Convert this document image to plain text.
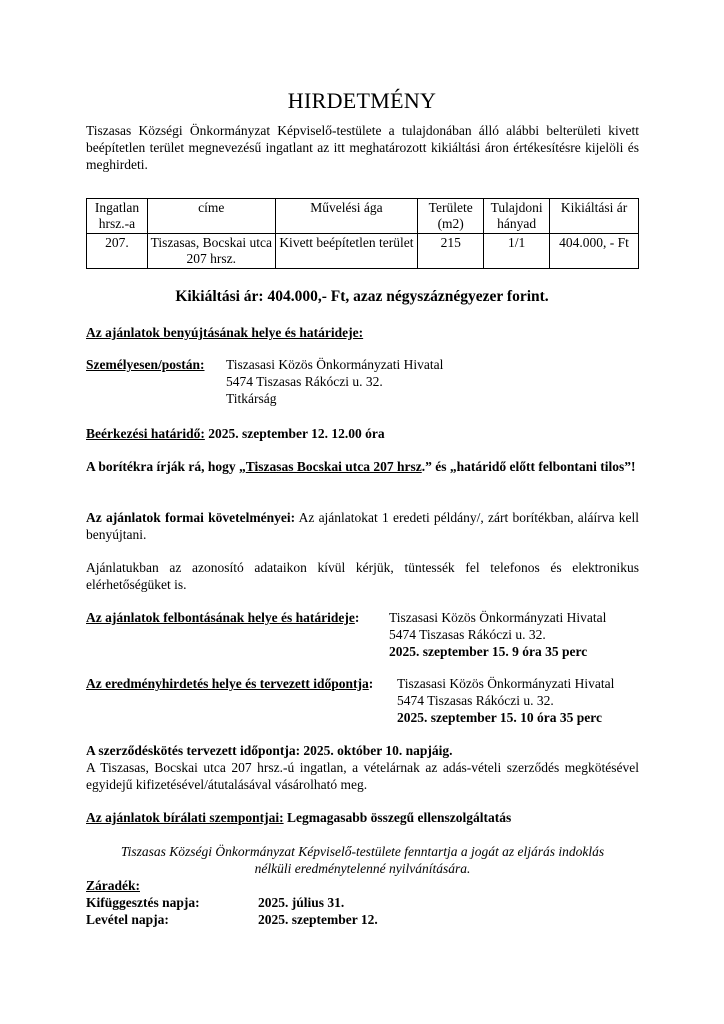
HIRDETMÉNY
Tiszasas Községi Önkormányzat Képviselő-testülete a tulajdonában álló alábbi belterületi kivett beépítetlen terület megnevezésű ingatlant az itt meghatározott kikiáltási áron értékesítésre kijelöli és meghirdeti.
Ingatlan hrsz.-a	címe	Művelési ága	Területe (m2)	Tulajdoni hányad	Kikiáltási ár
207.	Tiszasas, Bocskai utca 207 hrsz.	Kivett beépítetlen terület	215	1/1	404.000, - Ft
Kikiáltási ár: 404.000,- Ft, azaz négyszáznégyezer forint.
Az ajánlatok benyújtásának helye és határideje:
Személyesen/postán:	Tiszasasi Közös Önkormányzati Hivatal
5474 Tiszasas Rákóczi u. 32.
Titkárság
Beérkezési határidő: 2025. szeptember 12. 12.00 óra
A borítékra írják rá, hogy „Tiszasas Bocskai utca 207 hrsz.” és „határidő előtt felbontani tilos”!
Az ajánlatok formai követelményei: Az ajánlatokat 1 eredeti példány/, zárt borítékban, aláírva kell benyújtani.
Ajánlatukban az azonosító adataikon kívül kérjük, tüntessék fel telefonos és elektronikus elérhetőségüket is.
Az ajánlatok felbontásának helye és határideje:	Tiszasasi Közös Önkormányzati Hivatal
5474 Tiszasas Rákóczi u. 32.
2025. szeptember 15. 9 óra 35 perc
Az eredményhirdetés helye és tervezett időpontja:	Tiszasasi Közös Önkormányzati Hivatal
5474 Tiszasas Rákóczi u. 32.
2025. szeptember 15. 10 óra 35 perc
A szerződéskötés tervezett időpontja: 2025. október 10. napjáig.
A Tiszasas, Bocskai utca 207 hrsz.-ú ingatlan, a vételárnak az adás-vételi szerződés megkötésével egyidejű kifizetésével/átutalásával vásárolható meg.
Az ajánlatok bírálati szempontjai: Legmagasabb összegű ellenszolgáltatás
Tiszasas Községi Önkormányzat Képviselő-testülete fenntartja a jogát az eljárás indoklás
nélküli eredménytelenné nyilvánítására.
Záradék:
Kifüggesztés napja:	2025. július 31.
Levétel napja:	2025. szeptember 12.
